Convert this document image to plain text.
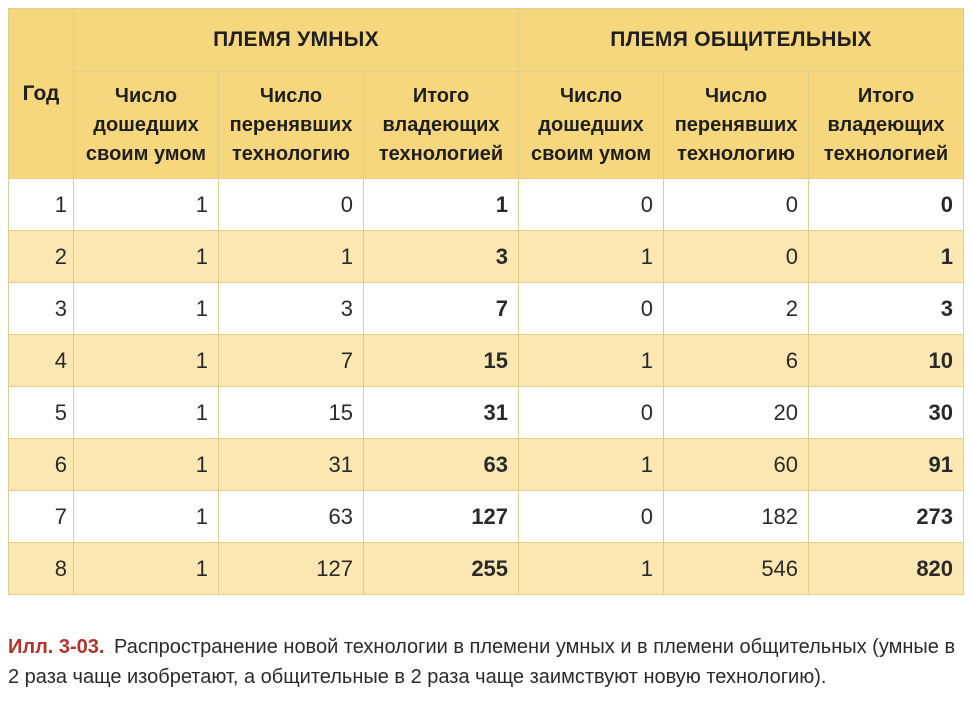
Год	ПЛЕМЯ УМНЫХ			ПЛЕМЯ ОБЩИТЕЛЬНЫХ		
	Число
дошедших
своим умом	Число
перенявших
технологию	Итого
владеющих
технологией	Число
дошедших
своим умом	Число
перенявших
технологию	Итого
владеющих
технологией
1	1	0	1	0	0	0
2	1	1	3	1	0	1
3	1	3	7	0	2	3
4	1	7	15	1	6	10
5	1	15	31	0	20	30
6	1	31	63	1	60	91
7	1	63	127	0	182	273
8	1	127	255	1	546	820
Илл. 3-03. Распространение новой технологии в племени умных и в племени общительных (умные в 2 раза чаще изобретают, а общительные в 2 раза чаще заимствуют новую технологию).
